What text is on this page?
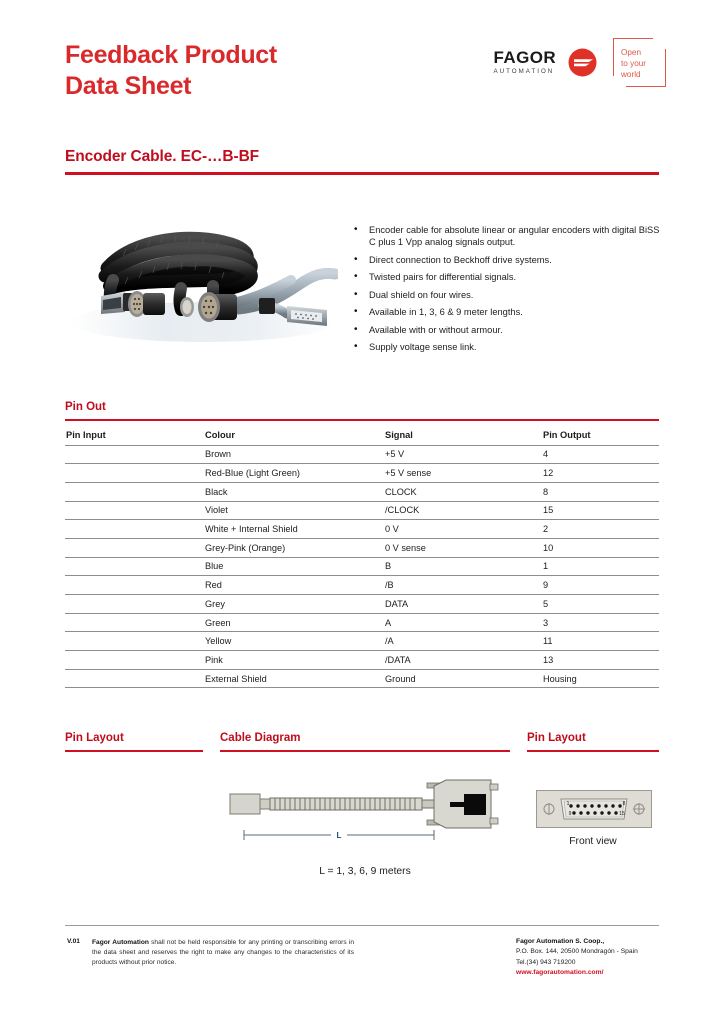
Feedback Product
Data Sheet
FAGOR
AUTOMATION
Open
to your
world
Encoder Cable. EC-…B-BF
• Encoder cable for absolute linear or angular encoders with digital BiSS C plus 1 Vpp analog signals output.
• Direct connection to Beckhoff drive systems.
• Twisted pairs for differential signals.
• Dual shield on four wires.
• Available in 1, 3, 6 & 9 meter lengths.
• Available with or without armour.
• Supply voltage sense link.
Pin Out
Pin Input	Colour	Signal	Pin Output
	Brown	+5 V	4
	Red-Blue (Light Green)	+5 V sense	12
	Black	CLOCK	8
	Violet	/CLOCK	15
	White + Internal Shield	0 V	2
	Grey-Pink (Orange)	0 V sense	10
	Blue	B	1
	Red	/B	9
	Grey	DATA	5
	Green	A	3
	Yellow	/A	11
	Pink	/DATA	13
	External Shield	Ground	Housing
Pin Layout	Cable Diagram	Pin Layout
L
L = 1, 3, 6, 9 meters
1	8
9	15
Front view
V.01 Fagor Automation shall not be held responsible for any printing or transcribing errors in the data sheet and reserves the right to make any changes to the characteristics of its products without prior notice.
Fagor Automation S. Coop.,
P.O. Box. 144, 20500 Mondragón - Spain
Tel.(34) 943 719200
www.fagorautomation.com/
